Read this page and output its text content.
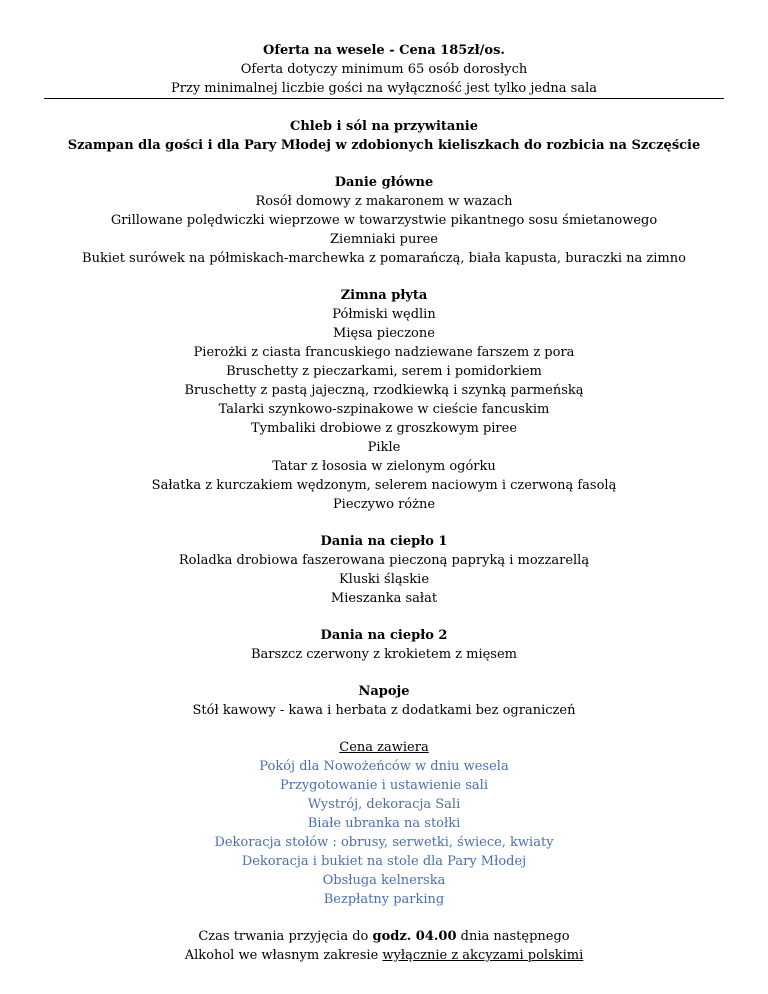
Oferta na wesele - Cena 185zł/os.
Oferta dotyczy minimum 65 osób dorosłych
Przy minimalnej liczbie gości na wyłączność jest tylko jedna sala
Chleb i sól na przywitanie
Szampan dla gości i dla Pary Młodej w zdobionych kieliszkach do rozbicia na Szczęście
Danie główne
Rosół domowy z makaronem w wazach
Grillowane polędwiczki wieprzowe w towarzystwie pikantnego sosu śmietanowego
Ziemniaki puree
Bukiet surówek na półmiskach-marchewka z pomarańczą, biała kapusta, buraczki na zimno
Zimna płyta
Półmiski wędlin
Mięsa pieczone
Pierożki z ciasta francuskiego nadziewane farszem z pora
Bruschetty z pieczarkami, serem i pomidorkiem
Bruschetty z pastą jajeczną, rzodkiewką i szynką parmeńską
Talarki szynkowo-szpinakowe w cieście fancuskim
Tymbaliki drobiowe z groszkowym piree
Pikle
Tatar z łososia w zielonym ogórku
Sałatka z kurczakiem wędzonym, selerem naciowym i czerwoną fasolą
Pieczywo różne
Dania na ciepło 1
Roladka drobiowa faszerowana pieczoną papryką i mozzarellą
Kluski śląskie
Mieszanka sałat
Dania na ciepło 2
Barszcz czerwony z krokietem z mięsem
Napoje
Stół kawowy - kawa i herbata z dodatkami bez ograniczeń
Cena zawiera
Pokój dla Nowożeńców w dniu wesela
Przygotowanie i ustawienie sali
Wystrój, dekoracja Sali
Białe ubranka na stołki
Dekoracja stołów : obrusy, serwetki, świece, kwiaty
Dekoracja i bukiet na stole dla Pary Młodej
Obsługa kelnerska
Bezpłatny parking
Czas trwania przyjęcia do godz. 04.00 dnia następnego
Alkohol we własnym zakresie wyłącznie z akcyzami polskimi
